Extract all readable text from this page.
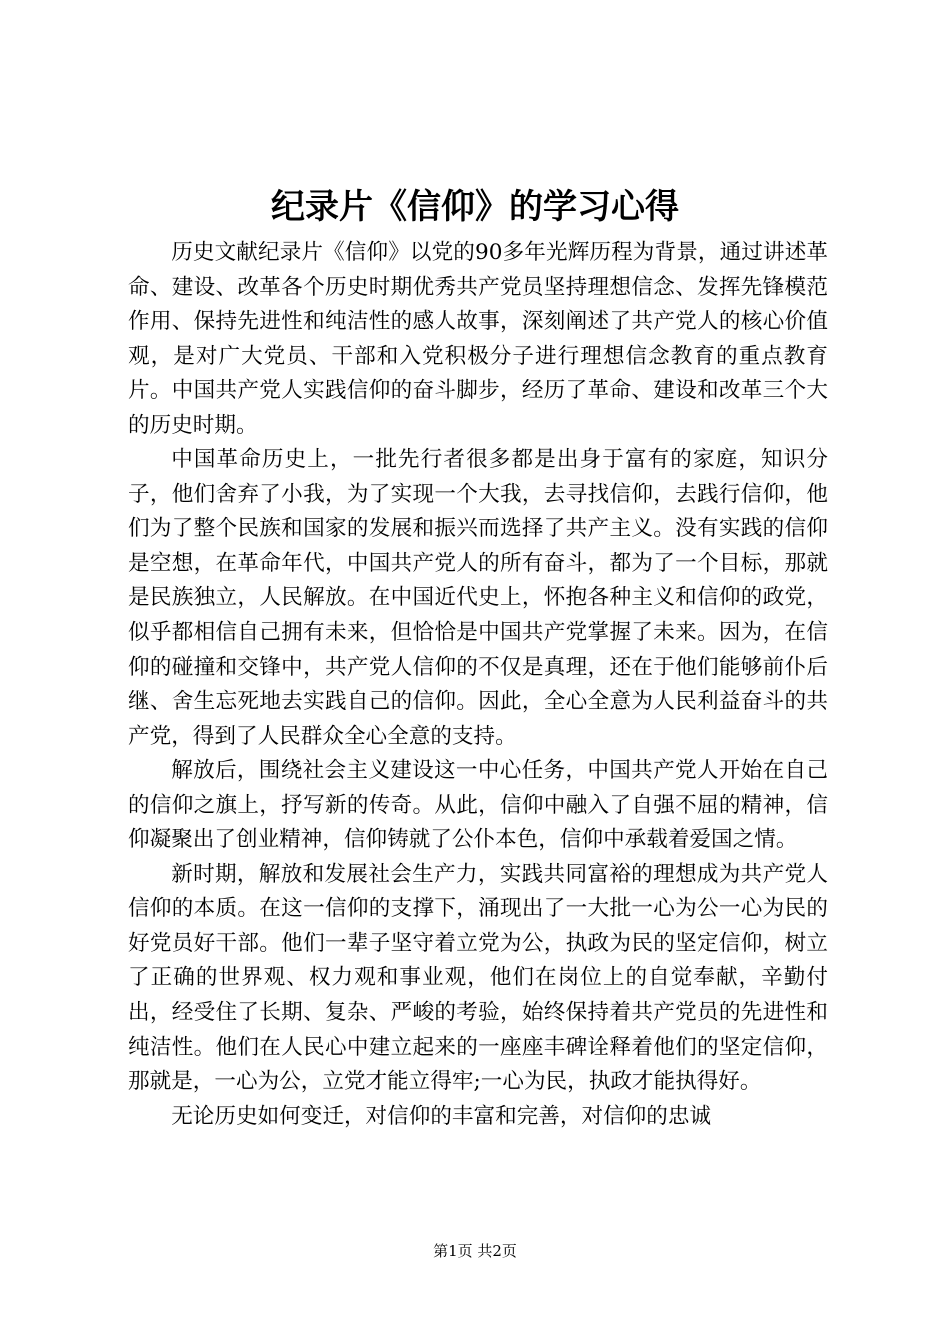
纪录片《信仰》的学习心得

历史文献纪录片《信仰》以党的90多年光辉历程为背景，通过讲述革命、建设、改革各个历史时期优秀共产党员坚持理想信念、发挥先锋模范作用、保持先进性和纯洁性的感人故事，深刻阐述了共产党人的核心价值观，是对广大党员、干部和入党积极分子进行理想信念教育的重点教育片。中国共产党人实践信仰的奋斗脚步，经历了革命、建设和改革三个大的历史时期。

中国革命历史上，一批先行者很多都是出身于富有的家庭，知识分子，他们舍弃了小我，为了实现一个大我，去寻找信仰，去践行信仰，他们为了整个民族和国家的发展和振兴而选择了共产主义。没有实践的信仰是空想，在革命年代，中国共产党人的所有奋斗，都为了一个目标，那就是民族独立，人民解放。在中国近代史上，怀抱各种主义和信仰的政党，似乎都相信自己拥有未来，但恰恰是中国共产党掌握了未来。因为，在信仰的碰撞和交锋中，共产党人信仰的不仅是真理，还在于他们能够前仆后继、舍生忘死地去实践自己的信仰。因此，全心全意为人民利益奋斗的共产党，得到了人民群众全心全意的支持。

解放后，围绕社会主义建设这一中心任务，中国共产党人开始在自己的信仰之旗上，抒写新的传奇。从此，信仰中融入了自强不屈的精神，信仰凝聚出了创业精神，信仰铸就了公仆本色，信仰中承载着爱国之情。

新时期，解放和发展社会生产力，实践共同富裕的理想成为共产党人信仰的本质。在这一信仰的支撑下，涌现出了一大批一心为公一心为民的好党员好干部。他们一辈子坚守着立党为公，执政为民的坚定信仰，树立了正确的世界观、权力观和事业观，他们在岗位上的自觉奉献，辛勤付出，经受住了长期、复杂、严峻的考验，始终保持着共产党员的先进性和纯洁性。他们在人民心中建立起来的一座座丰碑诠释着他们的坚定信仰，那就是，一心为公，立党才能立得牢;一心为民，执政才能执得好。

无论历史如何变迁，对信仰的丰富和完善，对信仰的忠诚

第1页 共2页
